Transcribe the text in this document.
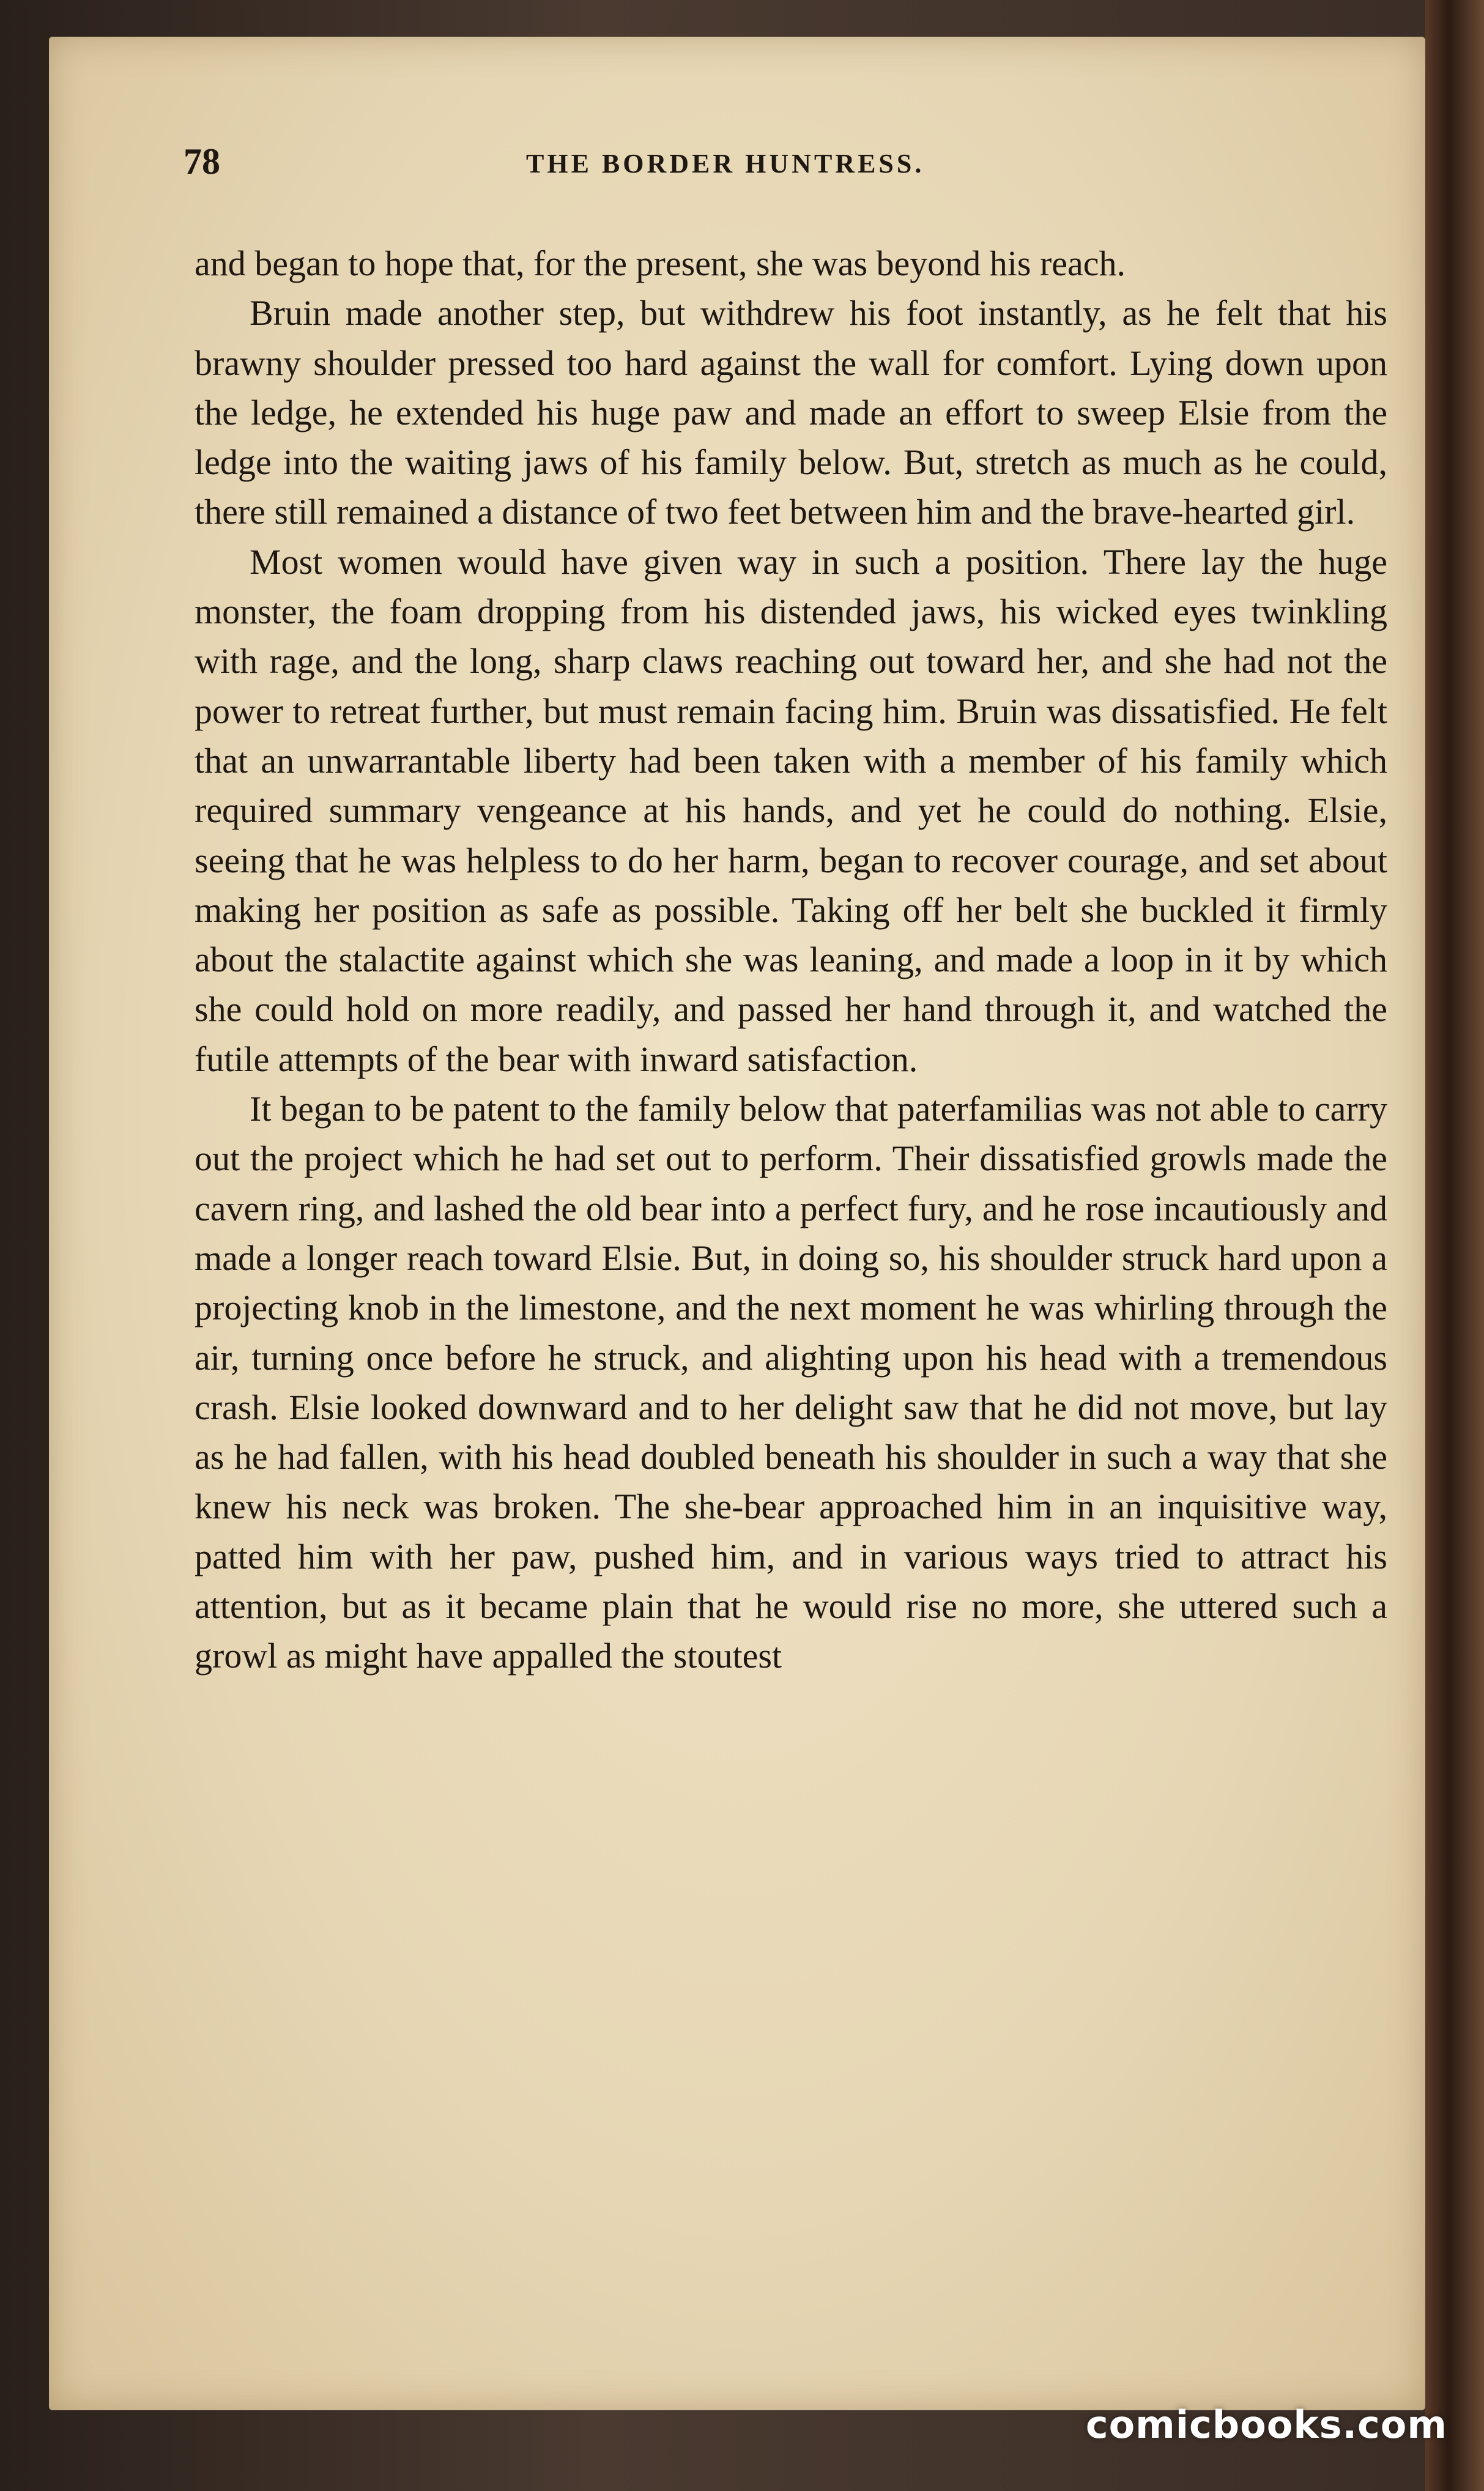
78	THE BORDER HUNTRESS.

and began to hope that, for the present, she was beyond his reach.

Bruin made another step, but withdrew his foot instantly, as he felt that his brawny shoulder pressed too hard against the wall for comfort. Lying down upon the ledge, he extended his huge paw and made an effort to sweep Elsie from the ledge into the waiting jaws of his family below. But, stretch as much as he could, there still remained a distance of two feet between him and the brave-hearted girl.

Most women would have given way in such a position. There lay the huge monster, the foam dropping from his distended jaws, his wicked eyes twinkling with rage, and the long, sharp claws reaching out toward her, and she had not the power to retreat further, but must remain facing him. Bruin was dissatisfied. He felt that an unwarrantable liberty had been taken with a member of his family which required summary vengeance at his hands, and yet he could do nothing. Elsie, seeing that he was helpless to do her harm, began to recover courage, and set about making her position as safe as possible. Taking off her belt she buckled it firmly about the stalactite against which she was leaning, and made a loop in it by which she could hold on more readily, and passed her hand through it, and watched the futile attempts of the bear with inward satisfaction.

It began to be patent to the family below that paterfamilias was not able to carry out the project which he had set out to perform. Their dissatisfied growls made the cavern ring, and lashed the old bear into a perfect fury, and he rose incautiously and made a longer reach toward Elsie. But, in doing so, his shoulder struck hard upon a projecting knob in the limestone, and the next moment he was whirling through the air, turning once before he struck, and alighting upon his head with a tremendous crash. Elsie looked downward and to her delight saw that he did not move, but lay as he had fallen, with his head doubled beneath his shoulder in such a way that she knew his neck was broken. The she-bear approached him in an inquisitive way, patted him with her paw, pushed him, and in various ways tried to attract his attention, but as it became plain that he would rise no more, she uttered such a growl as might have appalled the stoutest

comicbooks.com
